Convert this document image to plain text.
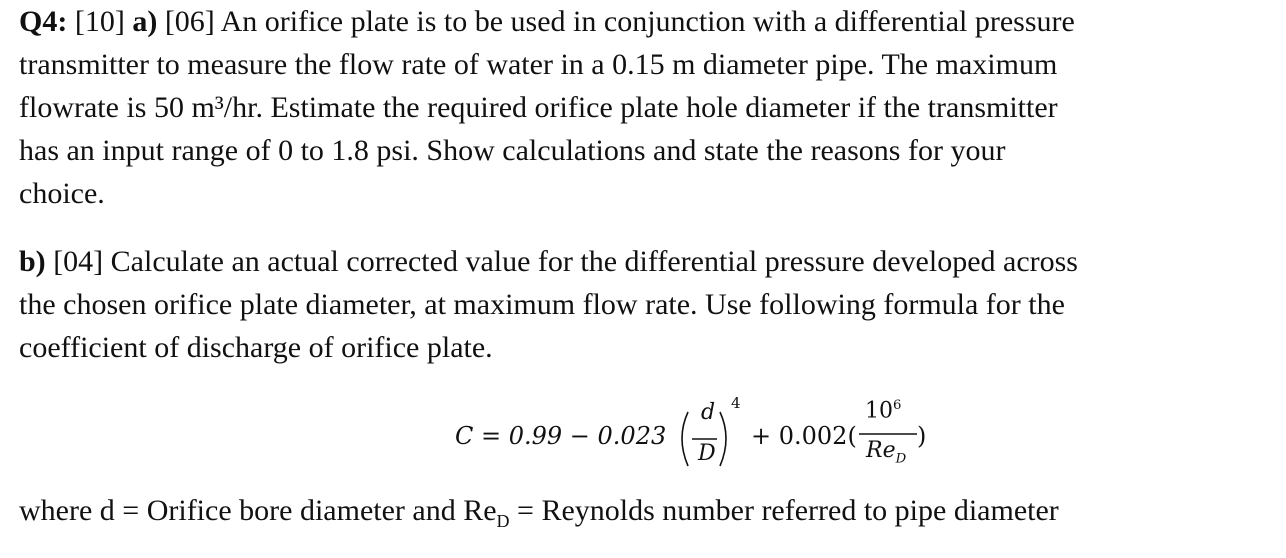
Q4: [10] a) [06] An orifice plate is to be used in conjunction with a differential pressure
transmitter to measure the flow rate of water in a 0.15 m diameter pipe. The maximum
flowrate is 50 m³/hr. Estimate the required orifice plate hole diameter if the transmitter
has an input range of 0 to 1.8 psi. Show calculations and state the reasons for your
choice.
b) [04] Calculate an actual corrected value for the differential pressure developed across
the chosen orifice plate diameter, at maximum flow rate. Use following formula for the
coefficient of discharge of orifice plate.
C = 0.99 − 0.023
d
D
4
+ 0.002(
$10^6$
$Re_D$
)
where d = Orifice bore diameter and $Re_D$ = Reynolds number referred to pipe diameter
